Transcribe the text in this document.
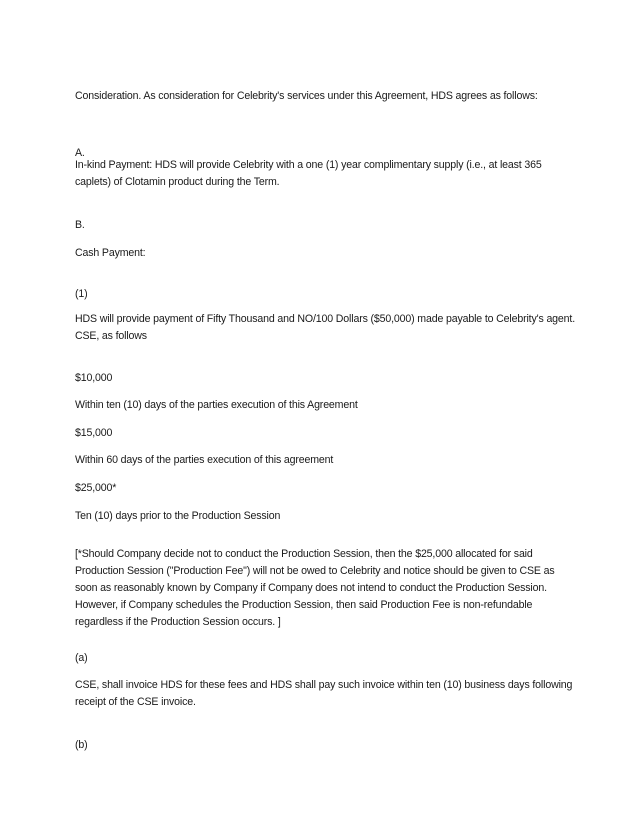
Consideration. As consideration for Celebrity's services under this Agreement, HDS agrees as follows:

A.

In-kind Payment: HDS will provide Celebrity with a one (1) year complimentary supply (i.e., at least 365 caplets) of Clotamin product during the Term.

B.

Cash Payment:

(1)

HDS will provide payment of Fifty Thousand and NO/100 Dollars ($50,000) made payable to Celebrity's agent. CSE, as follows

$10,000

Within ten (10) days of the parties execution of this Agreement

$15,000

Within 60 days of the parties execution of this agreement

$25,000*

Ten (10) days prior to the Production Session

[*Should Company decide not to conduct the Production Session, then the $25,000 allocated for said Production Session ("Production Fee") will not be owed to Celebrity and notice should be given to CSE as soon as reasonably known by Company if Company does not intend to conduct the Production Session. However, if Company schedules the Production Session, then said Production Fee is non-refundable regardless if the Production Session occurs. ]

(a)

CSE, shall invoice HDS for these fees and HDS shall pay such invoice within ten (10) business days following receipt of the CSE invoice.

(b)
